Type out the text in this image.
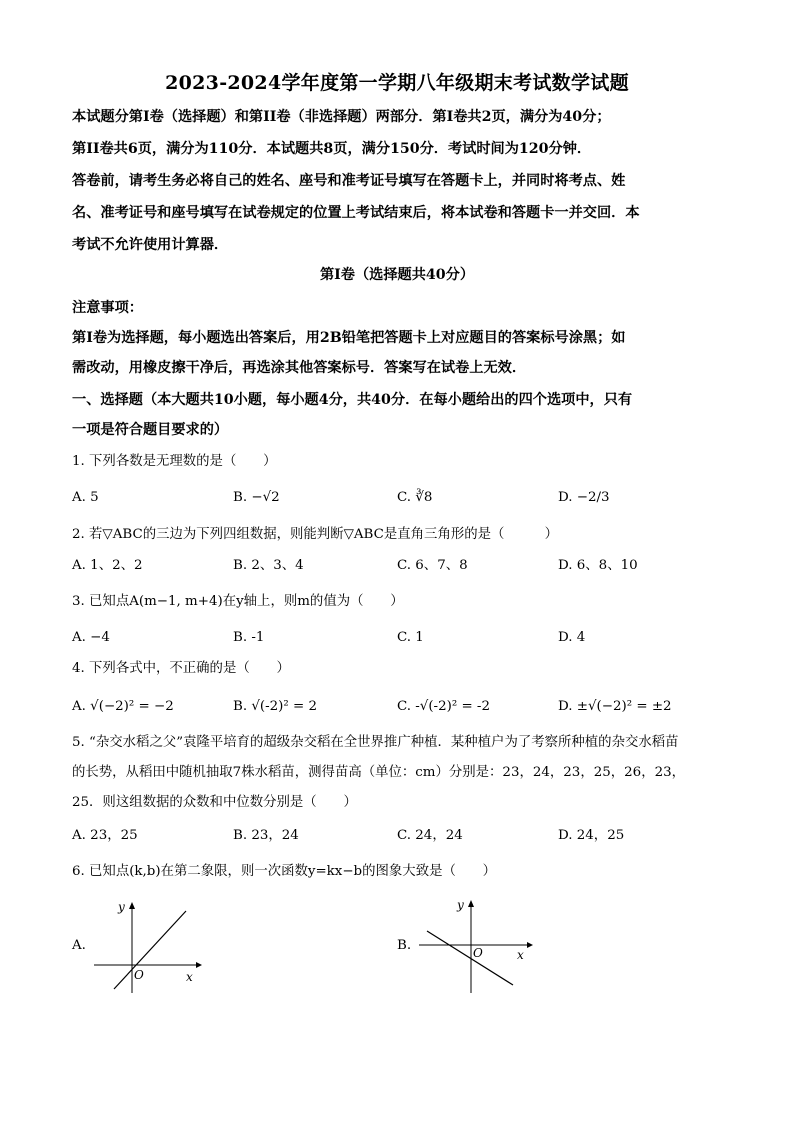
2023-2024学年度第一学期八年级期末考试数学试题
本试题分第I卷（选择题）和第II卷（非选择题）两部分．第I卷共2页，满分为40分；
第II卷共6页，满分为110分．本试题共8页，满分150分．考试时间为120分钟．
答卷前，请考生务必将自己的姓名、座号和准考证号填写在答题卡上，并同时将考点、姓
名、准考证号和座号填写在试卷规定的位置上考试结束后，将本试卷和答题卡一并交回．本
考试不允许使用计算器．
第I卷（选择题共40分）
注意事项：
第I卷为选择题，每小题选出答案后，用2B铅笔把答题卡上对应题目的答案标号涂黑；如
需改动，用橡皮擦干净后，再选涂其他答案标号．答案写在试卷上无效．
一、选择题（本大题共10小题，每小题4分，共40分．在每小题给出的四个选项中，只有
一项是符合题目要求的）
1. 下列各数是无理数的是（　　）
A. 5	B. −√2	C. ∛8	D. −2/3
2. 若▽ABC的三边为下列四组数据，则能判断▽ABC是直角三角形的是（　　　）
A. 1、2、2	B. 2、3、4	C. 6、7、8	D. 6、8、10
3. 已知点A(m−1, m+4)在y轴上，则m的值为（　　）
A. −4	B. -1	C. 1	D. 4
4. 下列各式中，不正确的是（　　）
A. √(−2)² = −2	B. √(-2)² = 2	C. -√(-2)² = -2	D. ±√(−2)² = ±2
5. “杂交水稻之父”袁隆平培育的超级杂交稻在全世界推广种植．某种植户为了考察所种植的杂交水稻苗
的长势，从稻田中随机抽取7株水稻苗，测得苗高（单位：cm）分别是：23，24，23，25，26，23，
25．则这组数据的众数和中位数分别是（　　）
A. 23，25	B. 23，24	C. 24，24	D. 24，25
6. 已知点(k,b)在第二象限，则一次函数y=kx−b的图象大致是（　　）
A.
O	x
y
B.	O	x
y
